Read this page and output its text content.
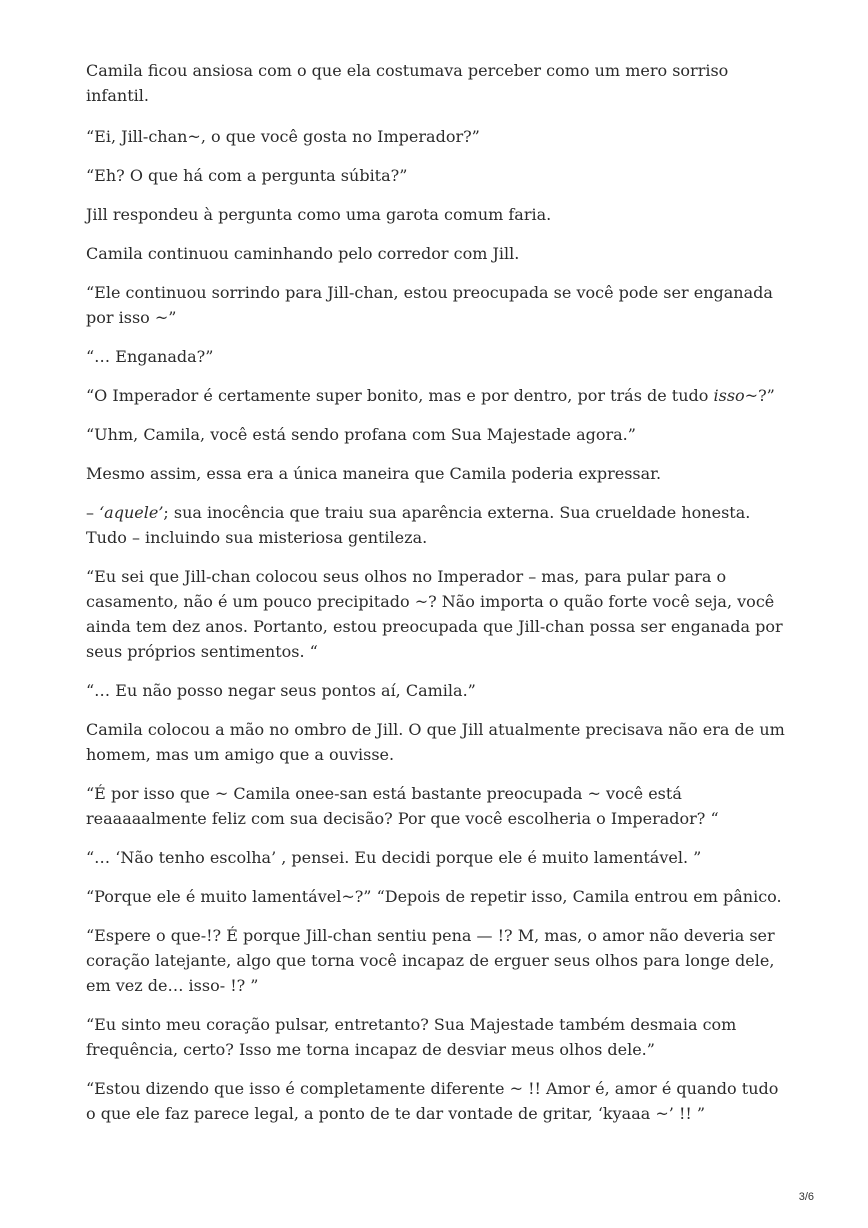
Camila ficou ansiosa com o que ela costumava perceber como um mero sorriso infantil.

“Ei, Jill-chan~, o que você gosta no Imperador?”

“Eh? O que há com a pergunta súbita?”

Jill respondeu à pergunta como uma garota comum faria.

Camila continuou caminhando pelo corredor com Jill.

“Ele continuou sorrindo para Jill-chan, estou preocupada se você pode ser enganada por isso ~”

“… Enganada?”

“O Imperador é certamente super bonito, mas e por dentro, por trás de tudo isso~?”

“Uhm, Camila, você está sendo profana com Sua Majestade agora.”

Mesmo assim, essa era a única maneira que Camila poderia expressar.

– ‘aquele’; sua inocência que traiu sua aparência externa. Sua crueldade honesta. Tudo – incluindo sua misteriosa gentileza.

“Eu sei que Jill-chan colocou seus olhos no Imperador – mas, para pular para o casamento, não é um pouco precipitado ~? Não importa o quão forte você seja, você ainda tem dez anos. Portanto, estou preocupada que Jill-chan possa ser enganada por seus próprios sentimentos. “

“… Eu não posso negar seus pontos aí, Camila.”

Camila colocou a mão no ombro de Jill. O que Jill atualmente precisava não era de um homem, mas um amigo que a ouvisse.

“É por isso que ~ Camila onee-san está bastante preocupada ~ você está reaaaaalmente feliz com sua decisão? Por que você escolheria o Imperador? “

“… ‘Não tenho escolha’ , pensei. Eu decidi porque ele é muito lamentável. ”

“Porque ele é muito lamentável~?” “Depois de repetir isso, Camila entrou em pânico.

“Espere o que-!? É porque Jill-chan sentiu pena — !? M, mas, o amor não deveria ser coração latejante, algo que torna você incapaz de erguer seus olhos para longe dele, em vez de… isso- !? ”

“Eu sinto meu coração pulsar, entretanto? Sua Majestade também desmaia com frequência, certo? Isso me torna incapaz de desviar meus olhos dele.”

“Estou dizendo que isso é completamente diferente ~ !! Amor é, amor é quando tudo o que ele faz parece legal, a ponto de te dar vontade de gritar, ‘kyaaa ~’ !! ”

3/6
